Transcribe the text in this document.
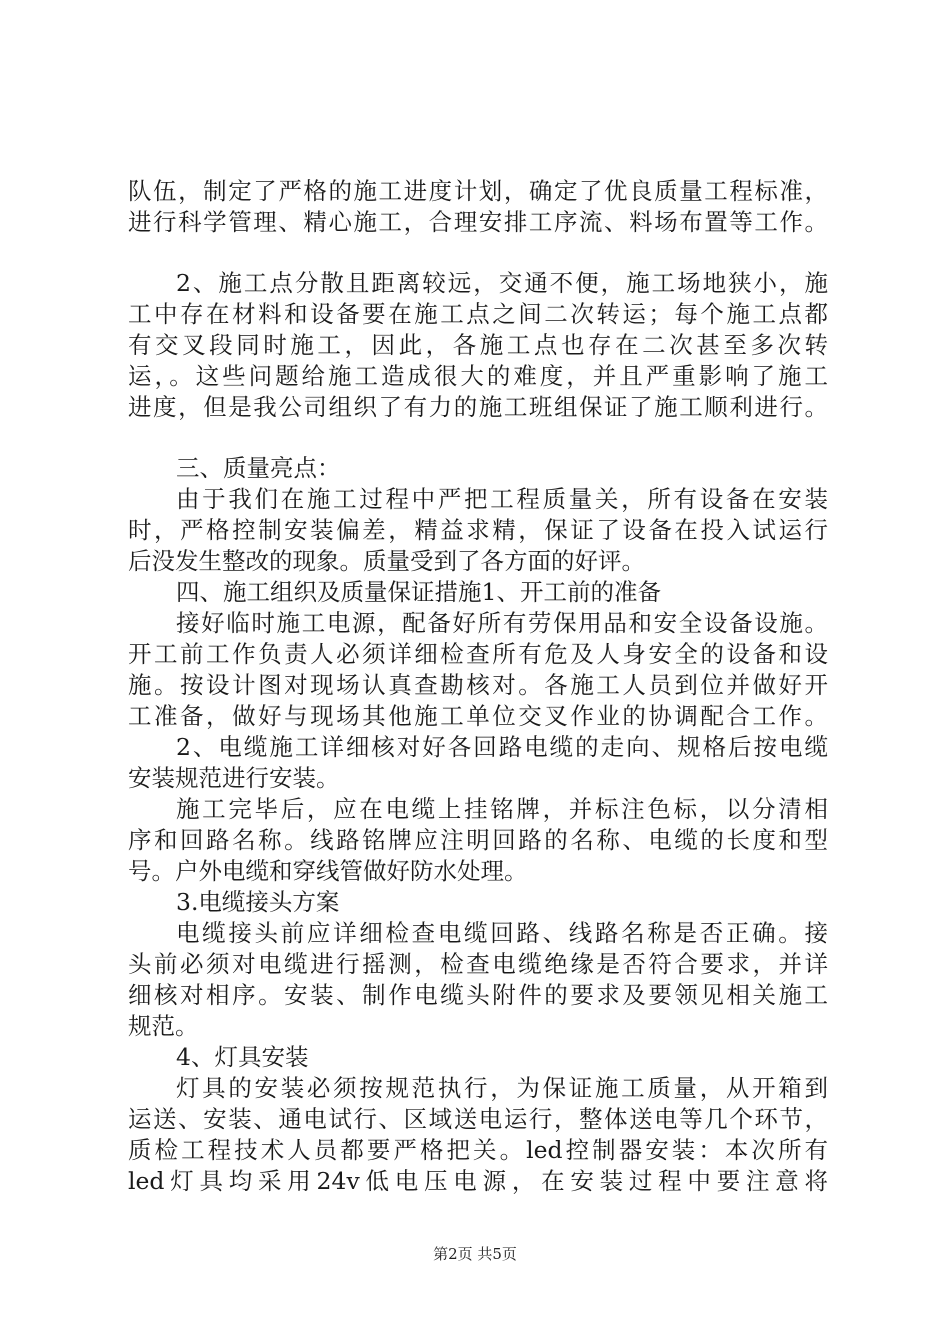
队伍，制定了严格的施工进度计划，确定了优良质量工程标准，
进行科学管理、精心施工，合理安排工序流、料场布置等工作。
2、施工点分散且距离较远，交通不便，施工场地狭小，施
工中存在材料和设备要在施工点之间二次转运；每个施工点都
有交叉段同时施工，因此，各施工点也存在二次甚至多次转
运，。这些问题给施工造成很大的难度，并且严重影响了施工
进度，但是我公司组织了有力的施工班组保证了施工顺利进行。
三、质量亮点：
由于我们在施工过程中严把工程质量关，所有设备在安装
时，严格控制安装偏差，精益求精，保证了设备在投入试运行
后没发生整改的现象。质量受到了各方面的好评。
四、施工组织及质量保证措施1、开工前的准备
接好临时施工电源，配备好所有劳保用品和安全设备设施。
开工前工作负责人必须详细检查所有危及人身安全的设备和设
施。按设计图对现场认真查勘核对。各施工人员到位并做好开
工准备，做好与现场其他施工单位交叉作业的协调配合工作。
2、电缆施工详细核对好各回路电缆的走向、规格后按电缆
安装规范进行安装。
施工完毕后，应在电缆上挂铭牌，并标注色标，以分清相
序和回路名称。线路铭牌应注明回路的名称、电缆的长度和型
号。户外电缆和穿线管做好防水处理。
3.电缆接头方案
电缆接头前应详细检查电缆回路、线路名称是否正确。接
头前必须对电缆进行摇测，检查电缆绝缘是否符合要求，并详
细核对相序。安装、制作电缆头附件的要求及要领见相关施工
规范。
4、灯具安装
灯具的安装必须按规范执行，为保证施工质量，从开箱到
运送、安装、通电试行、区域送电运行，整体送电等几个环节，
质检工程技术人员都要严格把关。led控制器安装：本次所有
led灯具均采用24v低电压电源，在安装过程中要注意将
第2页 共5页
